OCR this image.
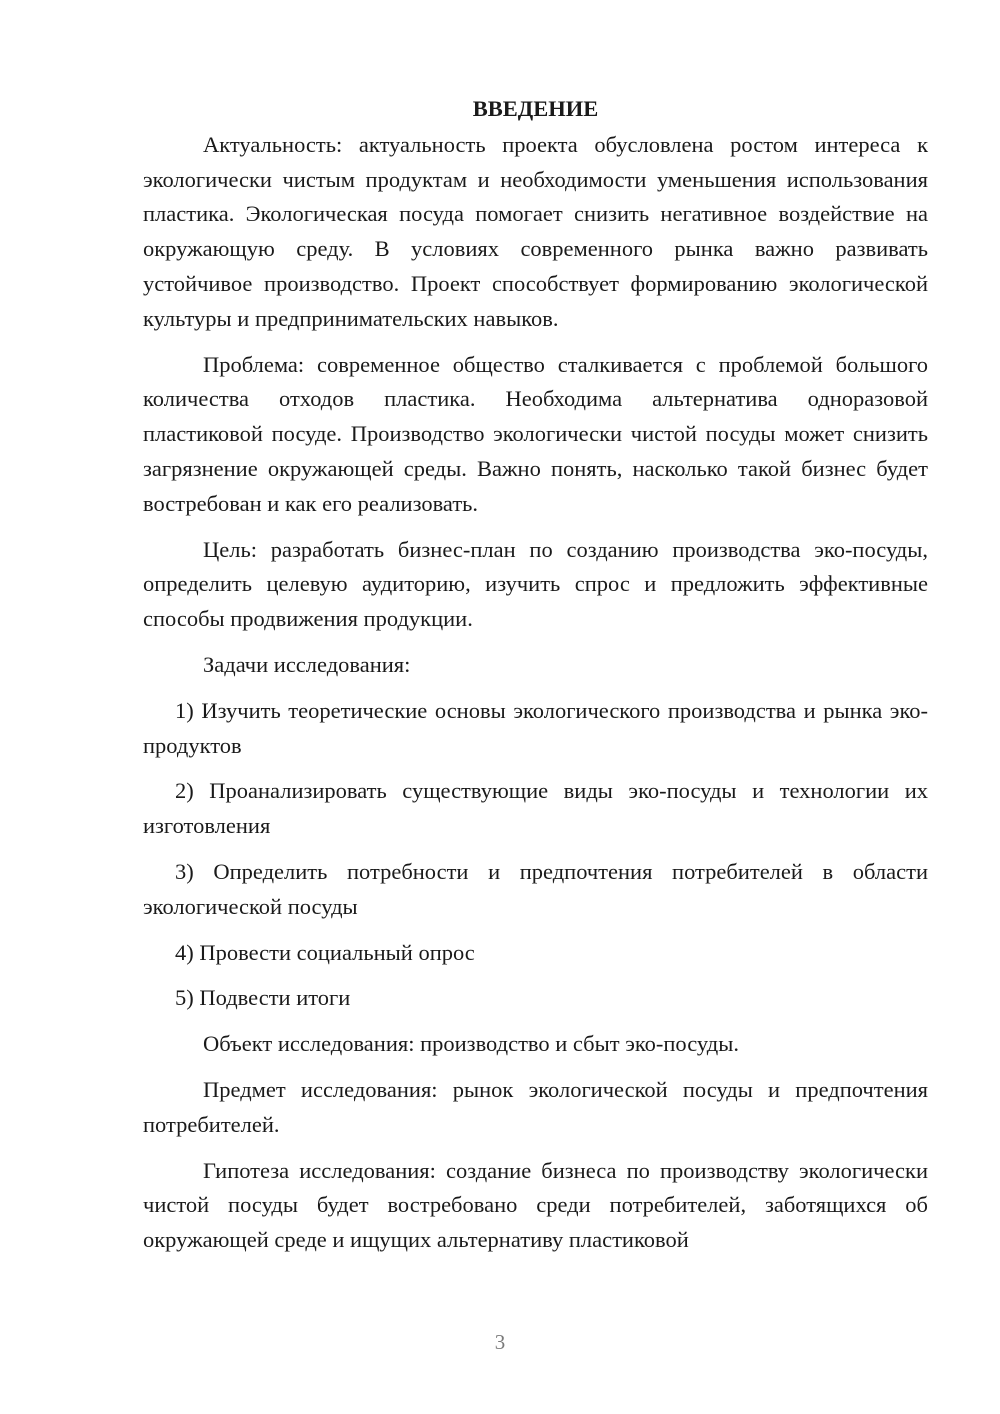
ВВЕДЕНИЕ

Актуальность: актуальность проекта обусловлена ростом интереса к экологически чистым продуктам и необходимости уменьшения использования пластика. Экологическая посуда помогает снизить негативное воздействие на окружающую среду. В условиях современного рынка важно развивать устойчивое производство. Проект способствует формированию экологической культуры и предпринимательских навыков.

Проблема: современное общество сталкивается с проблемой большого количества отходов пластика. Необходима альтернатива одноразовой пластиковой посуде. Производство экологически чистой посуды может снизить загрязнение окружающей среды. Важно понять, насколько такой бизнес будет востребован и как его реализовать.

Цель: разработать бизнес-план по созданию производства эко-посуды, определить целевую аудиторию, изучить спрос и предложить эффективные способы продвижения продукции.

Задачи исследования:

1) Изучить теоретические основы экологического производства и рынка эко-продуктов

2) Проанализировать существующие виды эко-посуды и технологии их изготовления

3) Определить потребности и предпочтения потребителей в области экологической посуды

4) Провести социальный опрос

5) Подвести итоги

Объект исследования: производство и сбыт эко-посуды.

Предмет исследования: рынок экологической посуды и предпочтения потребителей.

Гипотеза исследования: создание бизнеса по производству экологически чистой посуды будет востребовано среди потребителей, заботящихся об окружающей среде и ищущих альтернативу пластиковой

3
